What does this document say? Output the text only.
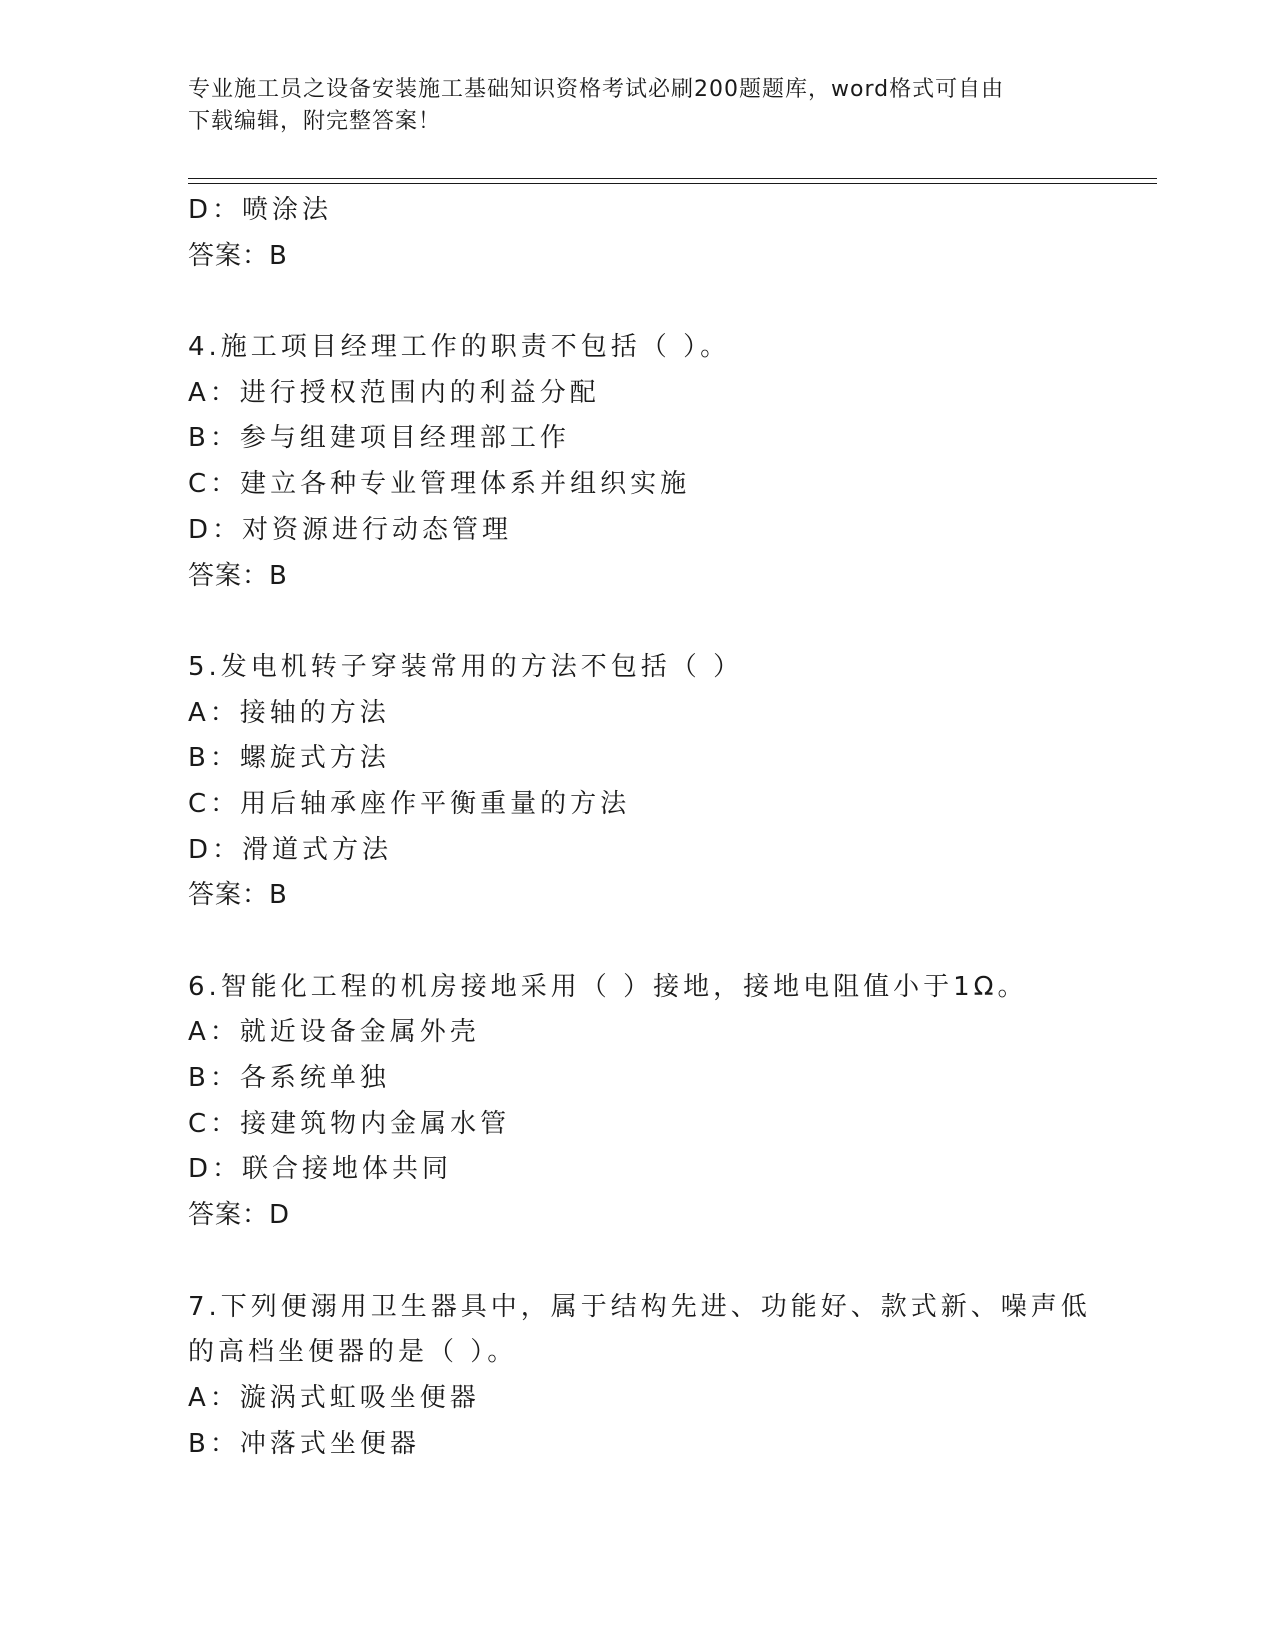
专业施工员之设备安装施工基础知识资格考试必刷200题题库，word格式可自由
下载编辑，附完整答案！
D：喷涂法
答案：B
4.施工项目经理工作的职责不包括（ ）。
A：进行授权范围内的利益分配
B：参与组建项目经理部工作
C：建立各种专业管理体系并组织实施
D：对资源进行动态管理
答案：B
5.发电机转子穿装常用的方法不包括（ ）
A：接轴的方法
B：螺旋式方法
C：用后轴承座作平衡重量的方法
D：滑道式方法
答案：B
6.智能化工程的机房接地采用（ ）接地，接地电阻值小于1Ω。
A：就近设备金属外壳
B：各系统单独
C：接建筑物内金属水管
D：联合接地体共同
答案：D
7.下列便溺用卫生器具中，属于结构先进、功能好、款式新、噪声低
的高档坐便器的是（ ）。
A：漩涡式虹吸坐便器
B：冲落式坐便器
